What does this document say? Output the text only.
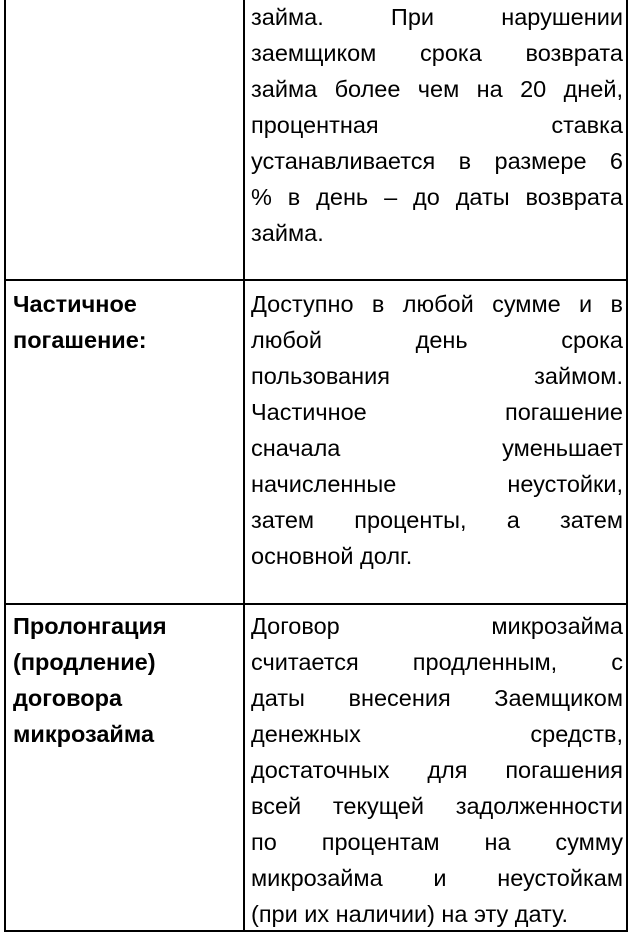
займа. При нарушении
заемщиком срока возврата
займа более чем на 20 дней,
процентная ставка
устанавливается в размере 6
% в день – до даты возврата
займа.
Частичное
погашение:
Доступно в любой сумме и в
любой день срока
пользования займом.
Частичное погашение
сначала уменьшает
начисленные неустойки,
затем проценты, а затем
основной долг.
Пролонгация
(продление)
договора
микрозайма
Договор микрозайма
считается продленным, с
даты внесения Заемщиком
денежных средств,
достаточных для погашения
всей текущей задолженности
по процентам на сумму
микрозайма и неустойкам
(при их наличии) на эту дату.
